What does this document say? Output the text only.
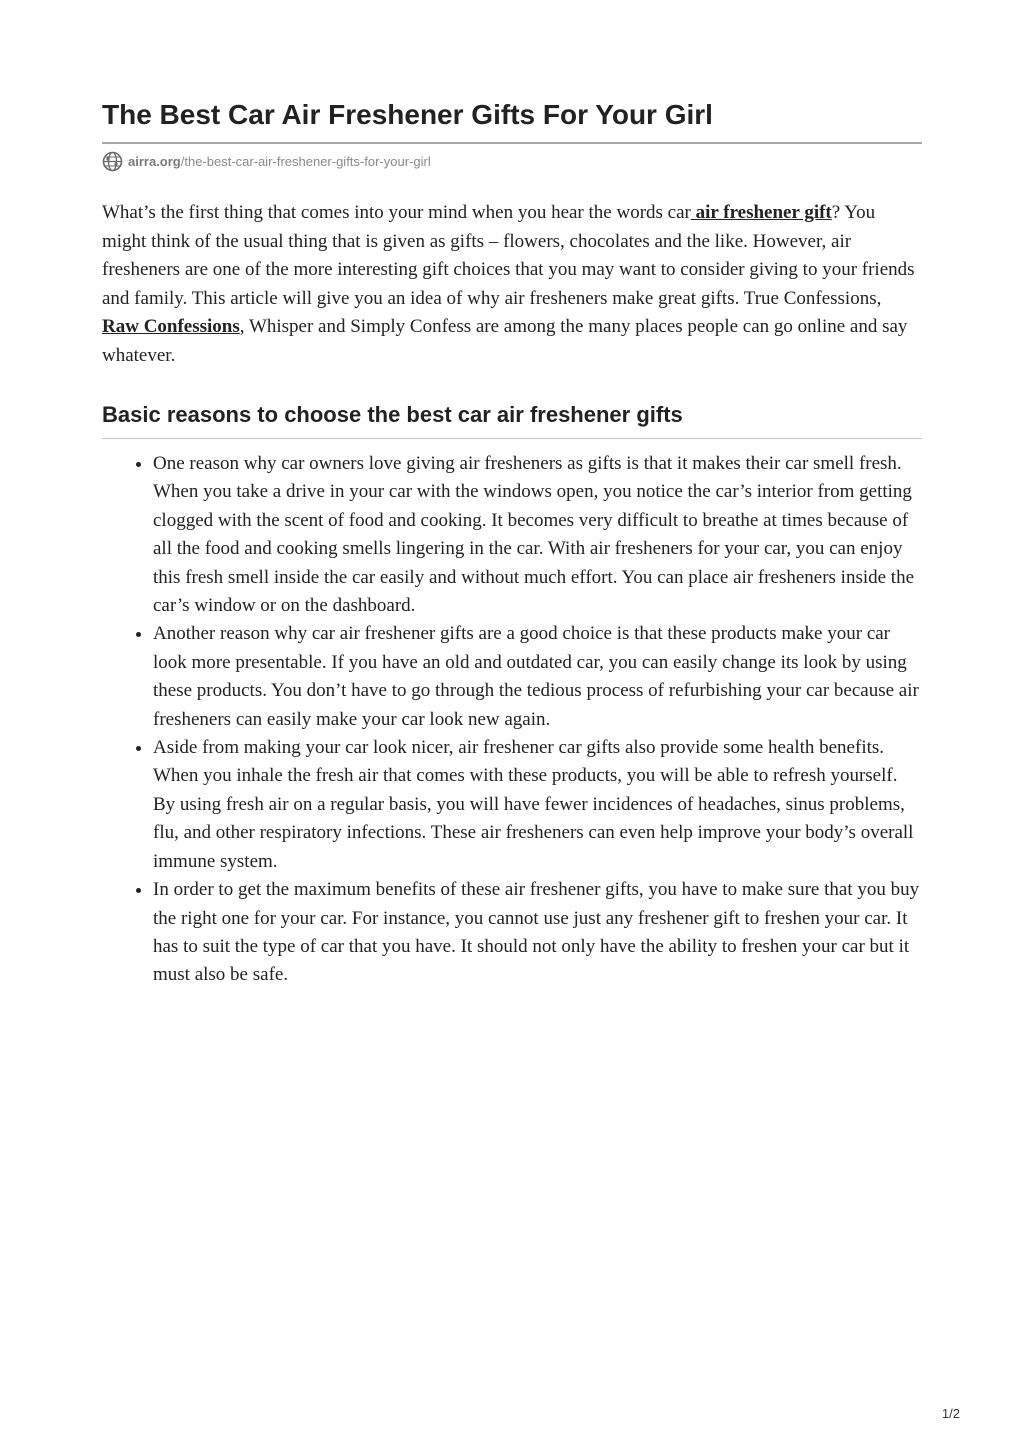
The Best Car Air Freshener Gifts For Your Girl
airra.org/the-best-car-air-freshener-gifts-for-your-girl

What’s the first thing that comes into your mind when you hear the words car air freshener gift? You might think of the usual thing that is given as gifts – flowers, chocolates and the like. However, air fresheners are one of the more interesting gift choices that you may want to consider giving to your friends and family. This article will give you an idea of why air fresheners make great gifts. True Confessions, Raw Confessions, Whisper and Simply Confess are among the many places people can go online and say whatever.

Basic reasons to choose the best car air freshener gifts
• One reason why car owners love giving air fresheners as gifts is that it makes their car smell fresh. When you take a drive in your car with the windows open, you notice the car’s interior from getting clogged with the scent of food and cooking. It becomes very difficult to breathe at times because of all the food and cooking smells lingering in the car. With air fresheners for your car, you can enjoy this fresh smell inside the car easily and without much effort. You can place air fresheners inside the car’s window or on the dashboard.
• Another reason why car air freshener gifts are a good choice is that these products make your car look more presentable. If you have an old and outdated car, you can easily change its look by using these products. You don’t have to go through the tedious process of refurbishing your car because air fresheners can easily make your car look new again.
• Aside from making your car look nicer, air freshener car gifts also provide some health benefits. When you inhale the fresh air that comes with these products, you will be able to refresh yourself. By using fresh air on a regular basis, you will have fewer incidences of headaches, sinus problems, flu, and other respiratory infections. These air fresheners can even help improve your body’s overall immune system.
• In order to get the maximum benefits of these air freshener gifts, you have to make sure that you buy the right one for your car. For instance, you cannot use just any freshener gift to freshen your car. It has to suit the type of car that you have. It should not only have the ability to freshen your car but it must also be safe.
1/2
